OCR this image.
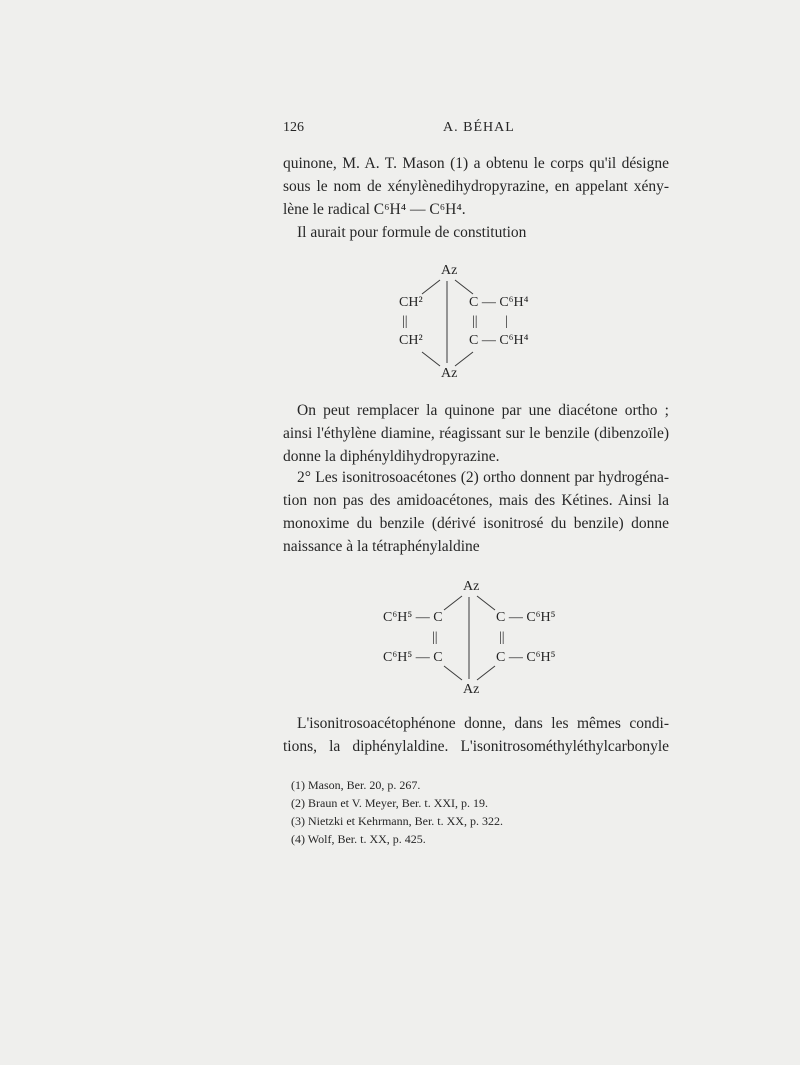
126	A. BÉHAL
quinone, M. A. T. Mason (1) a obtenu le corps qu'il désigne
sous le nom de xénylènedihydropyrazine, en appelant xény-
lène le radical C⁶H⁴ — C⁶H⁴.
Il aurait pour formule de constitution
Az
Az
CH²
||
CH²
C — C⁶H⁴
|| |
C — C⁶H⁴
Az
Az
C⁶H⁵ — C
||
C⁶H⁵ — C
C — C⁶H⁵
||
C — C⁶H⁵
On peut remplacer la quinone par une diacétone ortho ;
ainsi l'éthylène diamine, réagissant sur le benzile (dibenzoïle)
donne la diphényldihydropyrazine.
2° Les isonitrosoacétones (2) ortho donnent par hydrogéna-
tion non pas des amidoacétones, mais des Kétines. Ainsi la
monoxime du benzile (dérivé isonitrosé du benzile) donne
naissance à la tétraphénylaldine
L'isonitrosoacétophénone donne, dans les mêmes condi-
tions, la diphénylaldine. L'isonitrosométhyléthylcarbonyle
(1) Mason, Ber. 20, p. 267.
(2) Braun et V. Meyer, Ber. t. XXI, p. 19.
(3) Nietzki et Kehrmann, Ber. t. XX, p. 322.
(4) Wolf, Ber. t. XX, p. 425.
